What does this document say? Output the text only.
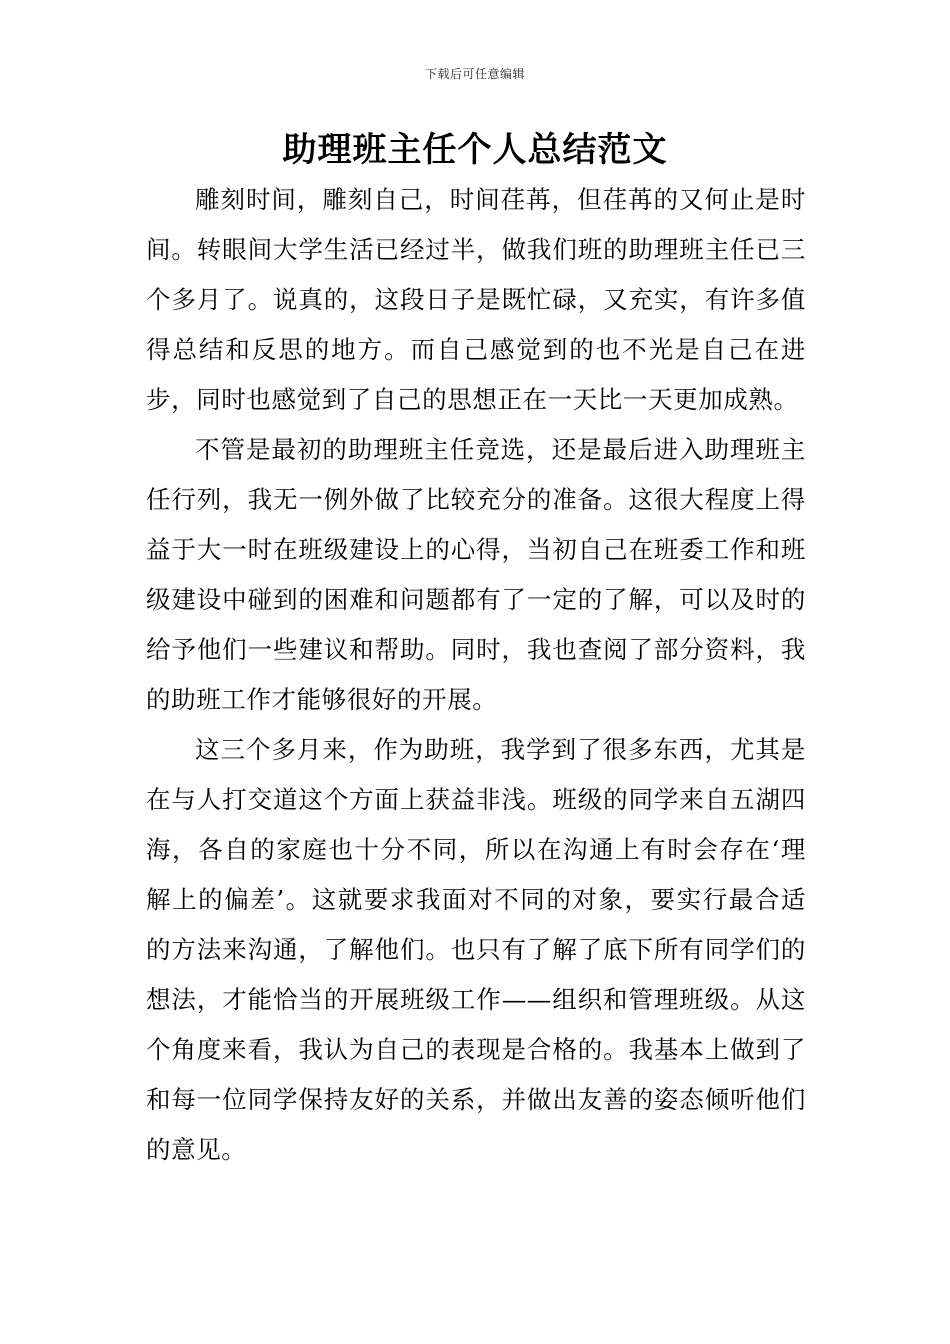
下载后可任意编辑
助理班主任个人总结范文

雕刻时间，雕刻自己，时间荏苒，但荏苒的又何止是时间。转眼间大学生活已经过半，做我们班的助理班主任已三个多月了。说真的，这段日子是既忙碌，又充实，有许多值得总结和反思的地方。而自己感觉到的也不光是自己在进步，同时也感觉到了自己的思想正在一天比一天更加成熟。

不管是最初的助理班主任竞选，还是最后进入助理班主任行列，我无一例外做了比较充分的准备。这很大程度上得益于大一时在班级建设上的心得，当初自己在班委工作和班级建设中碰到的困难和问题都有了一定的了解，可以及时的给予他们一些建议和帮助。同时，我也查阅了部分资料，我的助班工作才能够很好的开展。

这三个多月来，作为助班，我学到了很多东西，尤其是在与人打交道这个方面上获益非浅。班级的同学来自五湖四海，各自的家庭也十分不同，所以在沟通上有时会存在‘理解上的偏差’。这就要求我面对不同的对象，要实行最合适的方法来沟通，了解他们。也只有了解了底下所有同学们的想法，才能恰当的开展班级工作——组织和管理班级。从这个角度来看，我认为自己的表现是合格的。我基本上做到了和每一位同学保持友好的关系，并做出友善的姿态倾听他们的意见。
